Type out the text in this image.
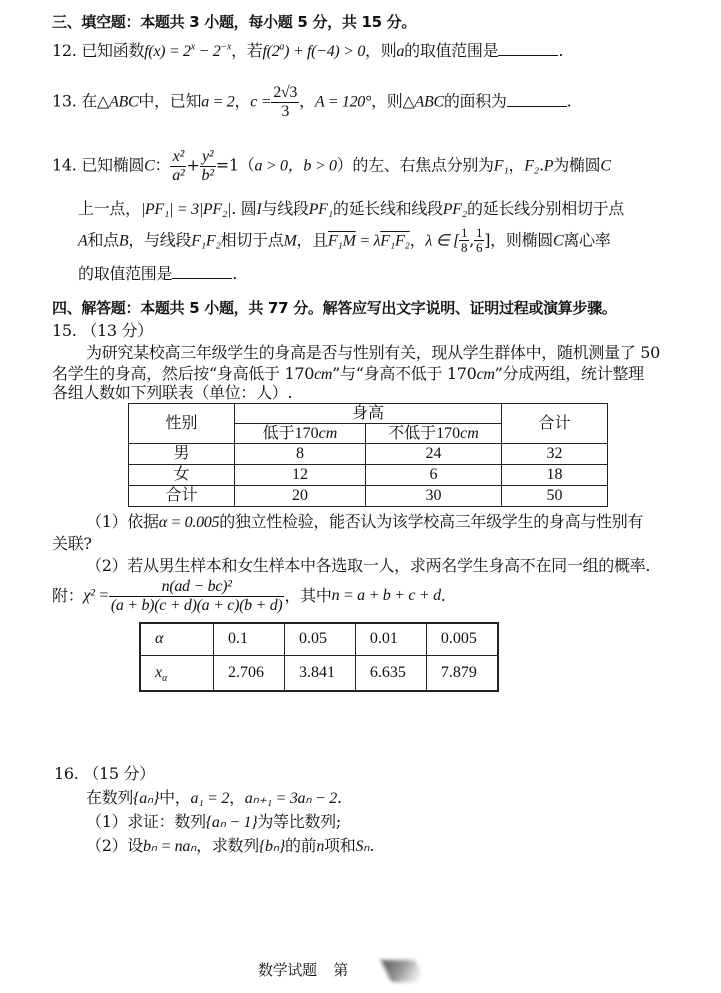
三、填空题：本题共 3 小题，每小题 5 分，共 15 分。
12. 已知函数$f(x) = 2^x - 2^{-x}$，若$f(2^a) + f(-4) > 0$，则a的取值范围是	.
13. 在△ABC中，已知a = 2，$c = \frac{2√3}{3}$ ，A = 120°，则△ABC的面积为	.
14. 已知椭圆C： $\frac{\text{x²}}{\text{a²}} + \frac{\text{y²}}{\text{b²}} =1(a > 0$，b > 0）的左、右焦点分别为F₁，F₂.P为椭圆C
上一点，|PF₁| = 3|PF₂|. 圆I与线段PF₁的延长线和线段PF₂的延长线分别相切于点
A和点B，与线段F₁F₂相切于点M，且F₁M = λF₁F₂，λ ∈ [ $\frac{1}{8}$ , $\frac{1}{6}$ ]，则椭圆C离心率
的取值范围是	.
四、解答题：本题共 5 小题，共 77 分。解答应写出文字说明、证明过程或演算步骤。
15. （13 分）
为研究某校高三年级学生的身高是否与性别有关，现从学生群体中，随机测量了 50
名学生的身高，然后按“身高低于 170cm”与“身高不低于 170cm”分成两组，统计整理
各组人数如下列联表（单位：人）.
性别	身高		合计
	低于170cm	不低于170cm	
男	8	24	32
女	12	6	18
合计	20	30	50
（1）依据α = 0.005的独立性检验，能否认为该学校高三年级学生的身高与性别有
关联?
（2）若从男生样本和女生样本中各选取一人，求两名学生身高不在同一组的概率.
附：$\chi^2 = \frac{\text{n(ad − bc)²}}{(a + b)(c + d)(a + c)(b + d)}$ ，其中n = a + b + c + d.
α	0.1	0.05	0.01	0.005
$x_\alpha$	2.706	3.841	6.635	7.879
16. （15 分）
在数列{aₙ}中，a₁ = 2，aₙ₊₁ = 3aₙ − 2.
（1）求证：数列{aₙ − 1}为等比数列;
（2）设bₙ = naₙ，求数列{bₙ}的前n项和Sₙ.
数学试题 第
